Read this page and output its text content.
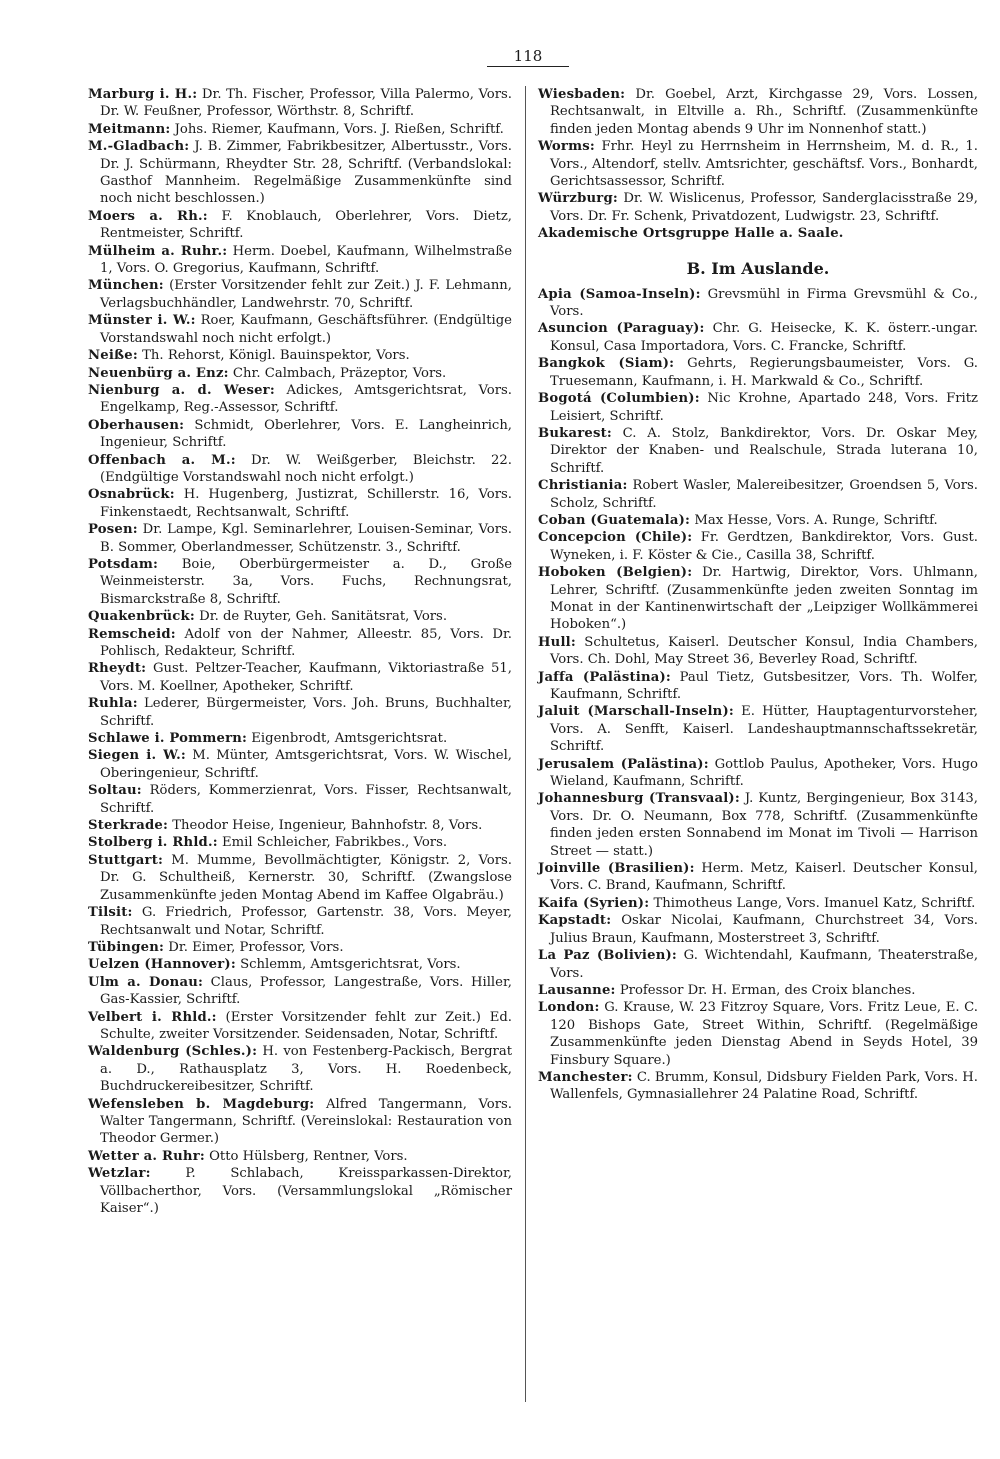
118
Marburg i. H.: Dr. Th. Fischer, Professor, Villa Palermo, Vors. Dr. W. Feußner, Professor, Wörthstr. 8, Schriftf.
Meitmann: Johs. Riemer, Kaufmann, Vors. J. Rießen, Schriftf.
M.-Gladbach: J. B. Zimmer, Fabrikbesitzer, Albertusstr., Vors. Dr. J. Schürmann, Rheydter Str. 28, Schriftf. (Verbandslokal: Gasthof Mannheim. Regelmäßige Zusammenkünfte sind noch nicht beschlossen.)
Moers a. Rh.: F. Knoblauch, Oberlehrer, Vors. Dietz, Rentmeister, Schriftf.
Mülheim a. Ruhr.: Herm. Doebel, Kaufmann, Wilhelmstraße 1, Vors. O. Gregorius, Kaufmann, Schriftf.
München: (Erster Vorsitzender fehlt zur Zeit.) J. F. Lehmann, Verlagsbuchhändler, Landwehrstr. 70, Schriftf.
Münster i. W.: Roer, Kaufmann, Geschäftsführer. (Endgültige Vorstandswahl noch nicht erfolgt.)
Neiße: Th. Rehorst, Königl. Bauinspektor, Vors.
Neuenbürg a. Enz: Chr. Calmbach, Präzeptor, Vors.
Nienburg a. d. Weser: Adickes, Amtsgerichtsrat, Vors. Engelkamp, Reg.-Assessor, Schriftf.
Oberhausen: Schmidt, Oberlehrer, Vors. E. Langheinrich, Ingenieur, Schriftf.
Offenbach a. M.: Dr. W. Weißgerber, Bleichstr. 22. (Endgültige Vorstandswahl noch nicht erfolgt.)
Osnabrück: H. Hugenberg, Justizrat, Schillerstr. 16, Vors. Finkenstaedt, Rechtsanwalt, Schriftf.
Posen: Dr. Lampe, Kgl. Seminarlehrer, Louisen-Seminar, Vors. B. Sommer, Oberlandmesser, Schützenstr. 3., Schriftf.
Potsdam: Boie, Oberbürgermeister a. D., Große Weinmeisterstr. 3a, Vors. Fuchs, Rechnungsrat, Bismarckstraße 8, Schriftf.
Quakenbrück: Dr. de Ruyter, Geh. Sanitätsrat, Vors.
Remscheid: Adolf von der Nahmer, Alleestr. 85, Vors. Dr. Pohlisch, Redakteur, Schriftf.
Rheydt: Gust. Peltzer-Teacher, Kaufmann, Viktoriastraße 51, Vors. M. Koellner, Apotheker, Schriftf.
Ruhla: Lederer, Bürgermeister, Vors. Joh. Bruns, Buchhalter, Schriftf.
Schlawe i. Pommern: Eigenbrodt, Amtsgerichtsrat.
Siegen i. W.: M. Münter, Amtsgerichtsrat, Vors. W. Wischel, Oberingenieur, Schriftf.
Soltau: Röders, Kommerzienrat, Vors. Fisser, Rechtsanwalt, Schriftf.
Sterkrade: Theodor Heise, Ingenieur, Bahnhofstr. 8, Vors.
Stolberg i. Rhld.: Emil Schleicher, Fabrikbes., Vors.
Stuttgart: M. Mumme, Bevollmächtigter, Königstr. 2, Vors. Dr. G. Schultheiß, Kernerstr. 30, Schriftf. (Zwangslose Zusammenkünfte jeden Montag Abend im Kaffee Olgabräu.)
Tilsit: G. Friedrich, Professor, Gartenstr. 38, Vors. Meyer, Rechtsanwalt und Notar, Schriftf.
Tübingen: Dr. Eimer, Professor, Vors.
Uelzen (Hannover): Schlemm, Amtsgerichtsrat, Vors.
Ulm a. Donau: Claus, Professor, Langestraße, Vors. Hiller, Gas-Kassier, Schriftf.
Velbert i. Rhld.: (Erster Vorsitzender fehlt zur Zeit.) Ed. Schulte, zweiter Vorsitzender. Seidensaden, Notar, Schriftf.
Waldenburg (Schles.): H. von Festenberg-Packisch, Bergrat a. D., Rathausplatz 3, Vors. H. Roedenbeck, Buchdruckereibesitzer, Schriftf.
Wefensleben b. Magdeburg: Alfred Tangermann, Vors. Walter Tangermann, Schriftf. (Vereinslokal: Restauration von Theodor Germer.)
Wetter a. Ruhr: Otto Hülsberg, Rentner, Vors.
Wetzlar:	P. Schlabach, Kreissparkassen-Direktor, Völlbacherthor, Vors. (Versammlungslokal „Römischer Kaiser“.)
Wiesbaden: Dr. Goebel, Arzt, Kirchgasse 29, Vors. Lossen, Rechtsanwalt, in Eltville a. Rh., Schriftf. (Zusammenkünfte finden jeden Montag abends 9 Uhr im Nonnenhof statt.)
Worms: Frhr. Heyl zu Herrnsheim in Herrnsheim, M. d. R., 1. Vors., Altendorf, stellv. Amtsrichter, geschäftsf. Vors., Bonhardt, Gerichtsassessor, Schriftf.
Würzburg: Dr. W. Wislicenus, Professor, Sanderglacisstraße 29, Vors. Dr. Fr. Schenk, Privatdozent, Ludwigstr. 23, Schriftf.
Akademische Ortsgruppe Halle a. Saale.
B. Im Auslande.
Apia (Samoa-Inseln): Grevsmühl in Firma Grevsmühl & Co., Vors.
Asuncion (Paraguay): Chr. G. Heisecke, K. K. österr.-ungar. Konsul, Casa Importadora, Vors. C. Francke, Schriftf.
Bangkok (Siam): Gehrts, Regierungsbaumeister, Vors. G. Truesemann, Kaufmann, i. H. Markwald & Co., Schriftf.
Bogotá (Columbien): Nic Krohne, Apartado 248, Vors. Fritz Leisiert, Schriftf.
Bukarest: C. A. Stolz, Bankdirektor, Vors. Dr. Oskar Mey, Direktor der Knaben- und Realschule, Strada luterana 10, Schriftf.
Christiania: Robert Wasler, Malereibesitzer, Groendsen 5, Vors. Scholz, Schriftf.
Coban (Guatemala): Max Hesse, Vors. A. Runge, Schriftf.
Concepcion (Chile): Fr. Gerdtzen, Bankdirektor, Vors. Gust. Wyneken, i. F. Köster & Cie., Casilla 38, Schriftf.
Hoboken (Belgien): Dr. Hartwig, Direktor, Vors. Uhlmann, Lehrer, Schriftf. (Zusammenkünfte jeden zweiten Sonntag im Monat in der Kantinenwirtschaft der „Leipziger Wollkämmerei Hoboken“.)
Hull: Schultetus, Kaiserl. Deutscher Konsul, India Chambers, Vors. Ch. Dohl, May Street 36, Beverley Road, Schriftf.
Jaffa (Palästina): Paul Tietz, Gutsbesitzer, Vors. Th. Wolfer, Kaufmann, Schriftf.
Jaluit (Marschall-Inseln): E. Hütter, Hauptagenturvorsteher, Vors. A. Senfft, Kaiserl. Landeshauptmannschaftssekretär, Schriftf.
Jerusalem (Palästina): Gottlob Paulus, Apotheker, Vors. Hugo Wieland, Kaufmann, Schriftf.
Johannesburg (Transvaal): J. Kuntz, Bergingenieur, Box 3143, Vors. Dr. O. Neumann, Box 778, Schriftf. (Zusammenkünfte finden jeden ersten Sonnabend im Monat im Tivoli — Harrison Street — statt.)
Joinville (Brasilien): Herm. Metz, Kaiserl. Deutscher Konsul, Vors. C. Brand, Kaufmann, Schriftf.
Kaifa (Syrien): Thimotheus Lange, Vors. Imanuel Katz, Schriftf.
Kapstadt: Oskar Nicolai, Kaufmann, Churchstreet 34, Vors. Julius Braun, Kaufmann, Mosterstreet 3, Schriftf.
La Paz (Bolivien): G. Wichtendahl, Kaufmann, Theaterstraße, Vors.
Lausanne: Professor Dr. H. Erman, des Croix blanches.
London: G. Krause, W. 23 Fitzroy Square, Vors. Fritz Leue, E. C. 120 Bishops Gate, Street Within, Schriftf. (Regelmäßige Zusammenkünfte jeden Dienstag Abend in Seyds Hotel, 39 Finsbury Square.)
Manchester: C. Brumm, Konsul, Didsbury Fielden Park, Vors. H. Wallenfels, Gymnasiallehrer 24 Palatine Road, Schriftf.
